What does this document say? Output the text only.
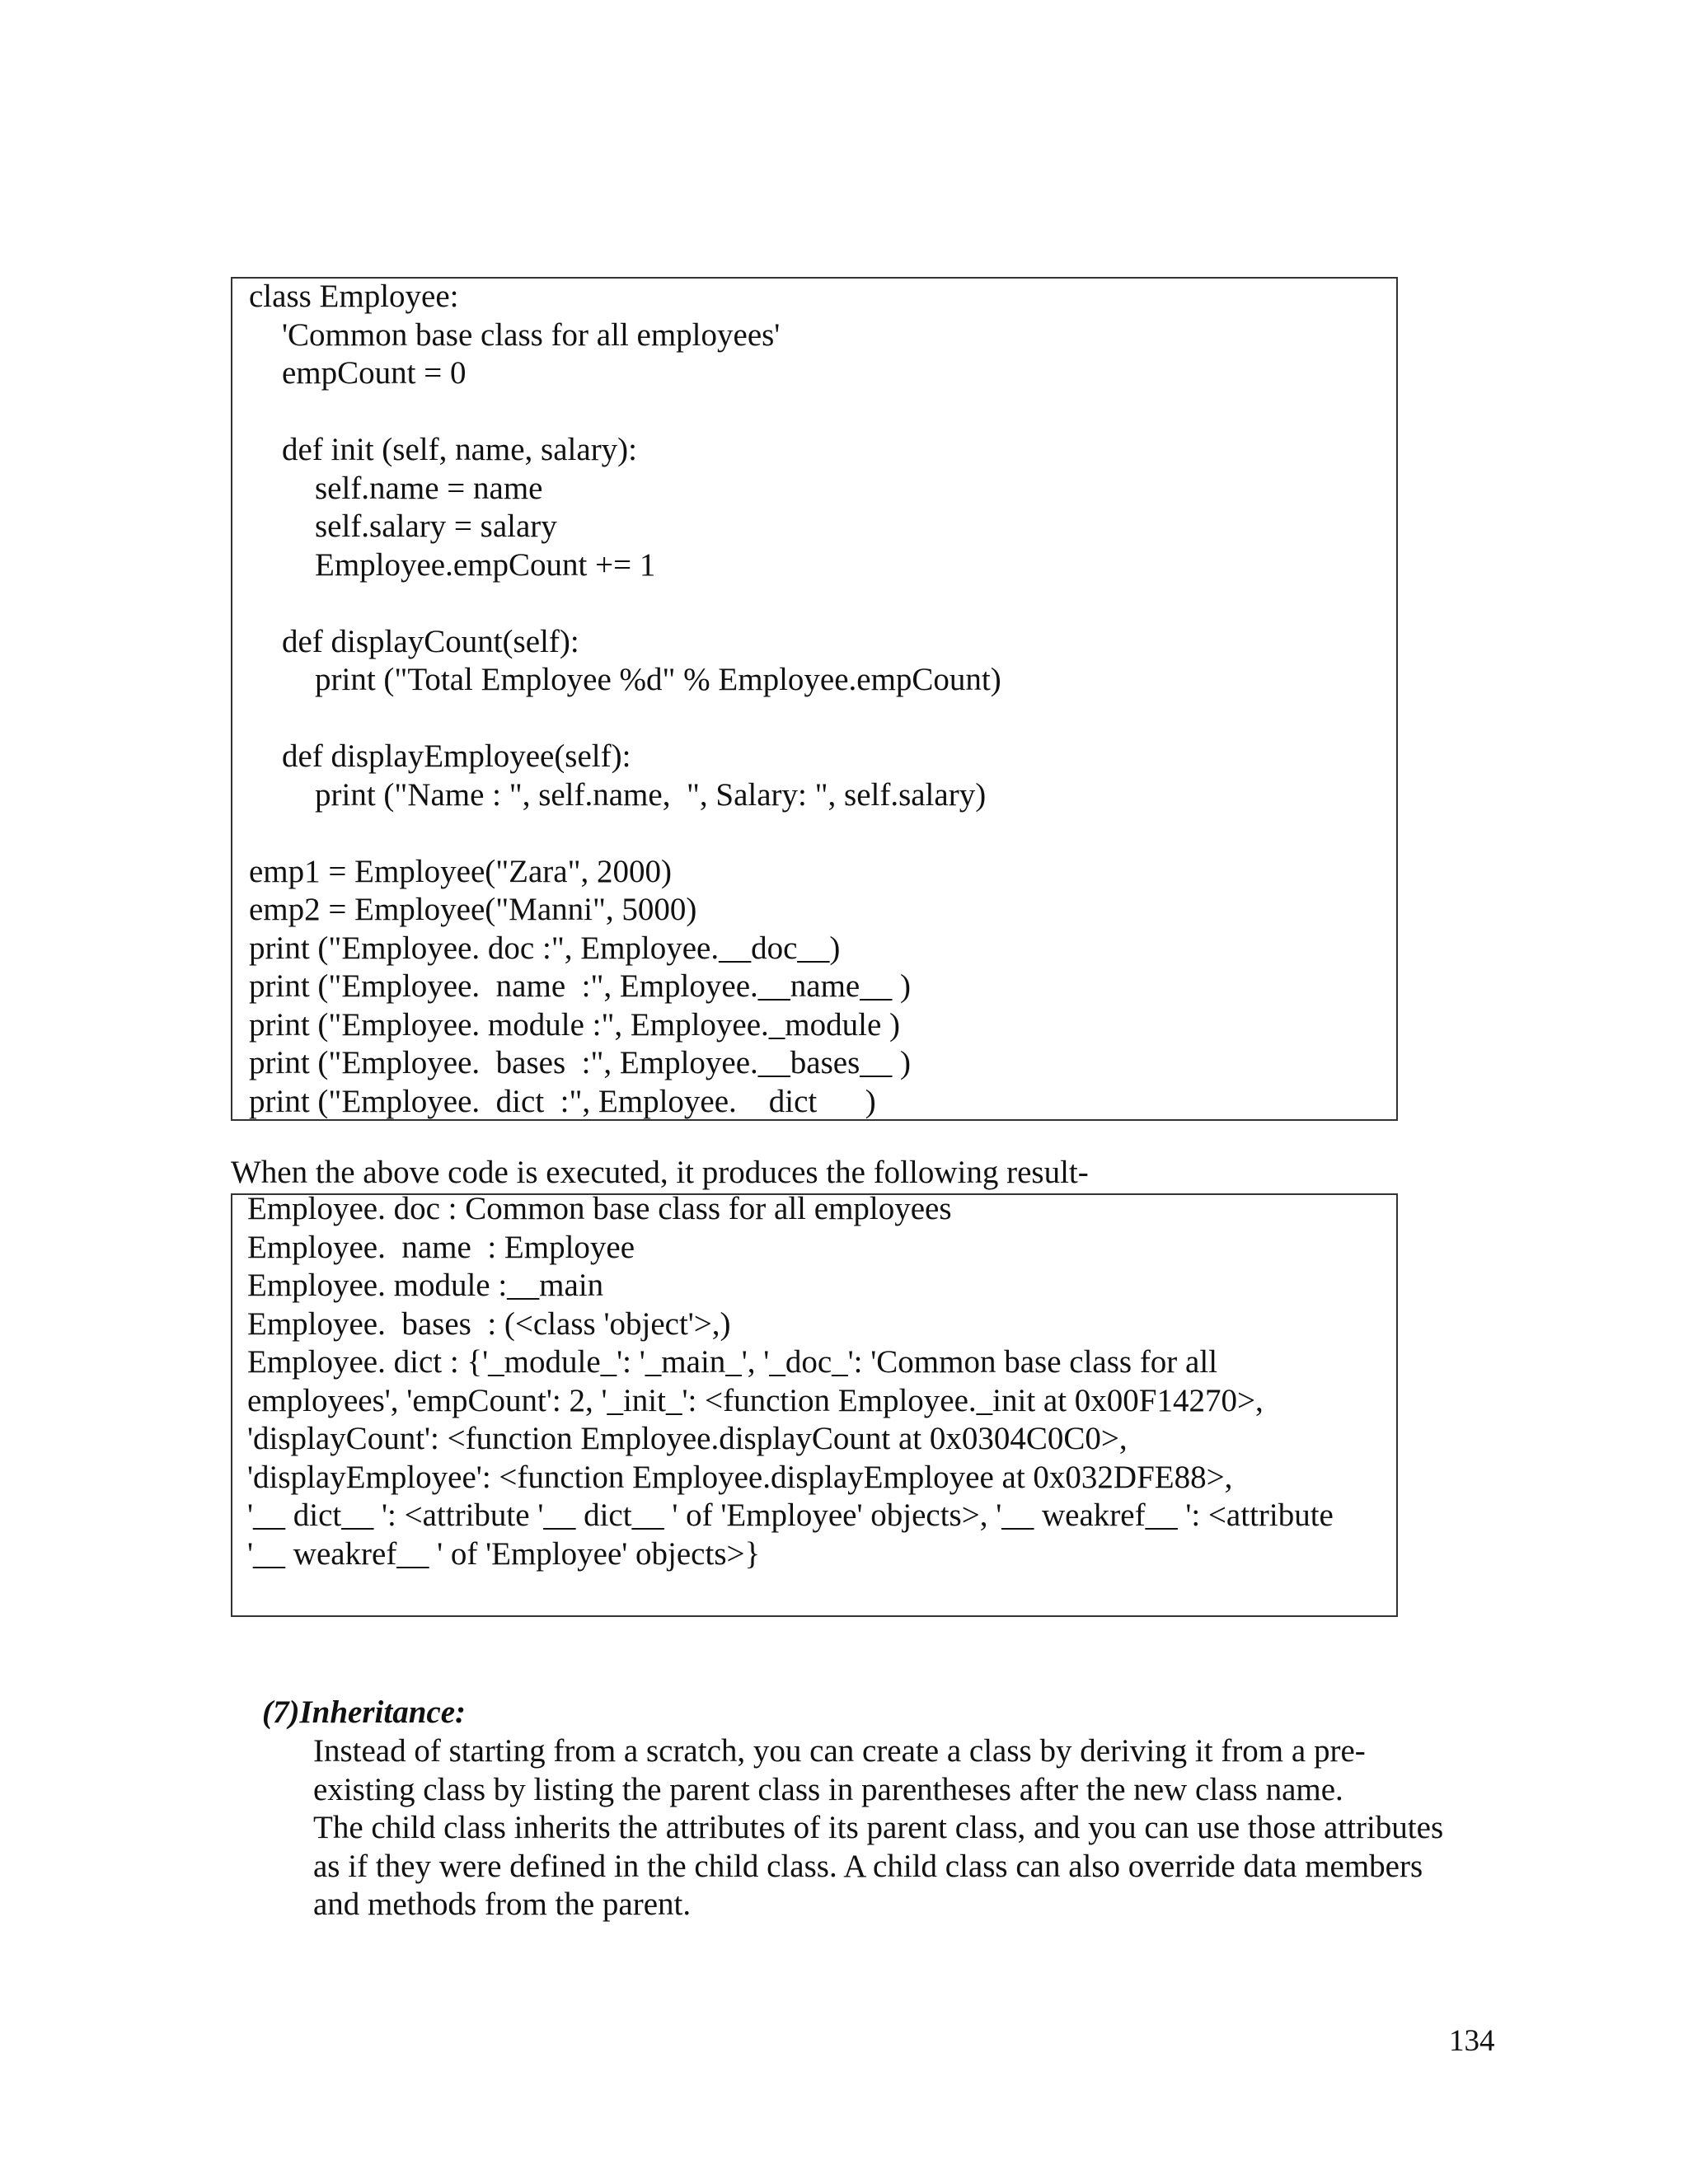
class Employee:
'Common base class for all employees'
empCount = 0
def init (self, name, salary):
self.name = name
self.salary = salary
Employee.empCount += 1
def displayCount(self):
print ("Total Employee %d" % Employee.empCount)
def displayEmployee(self):
print ("Name : ", self.name,  ", Salary: ", self.salary)
emp1 = Employee("Zara", 2000)
emp2 = Employee("Manni", 5000)
print ("Employee. doc :", Employee.__doc__)
print ("Employee.  name  :", Employee.__name__ )
print ("Employee. module :", Employee._module )
print ("Employee.  bases  :", Employee.__bases__ )
print ("Employee.  dict  :", Employee.    dict      )
When the above code is executed, it produces the following result-
Employee. doc : Common base class for all employees
Employee.  name  : Employee
Employee. module :__main
Employee.  bases  : (<class 'object'>,)
Employee. dict : {'_module_': '_main_', '_doc_': 'Common base class for all
employees', 'empCount': 2, '_init_': <function Employee._init at 0x00F14270>,
'displayCount': <function Employee.displayCount at 0x0304C0C0>,
'displayEmployee': <function Employee.displayEmployee at 0x032DFE88>,
'__ dict__ ': <attribute '__ dict__ ' of 'Employee' objects>, '__ weakref__ ': <attribute
'__ weakref__ ' of 'Employee' objects>}
(7)Inheritance:
Instead of starting from a scratch, you can create a class by deriving it from a pre-
existing class by listing the parent class in parentheses after the new class name.
The child class inherits the attributes of its parent class, and you can use those attributes
as if they were defined in the child class. A child class can also override data members
and methods from the parent.
134
